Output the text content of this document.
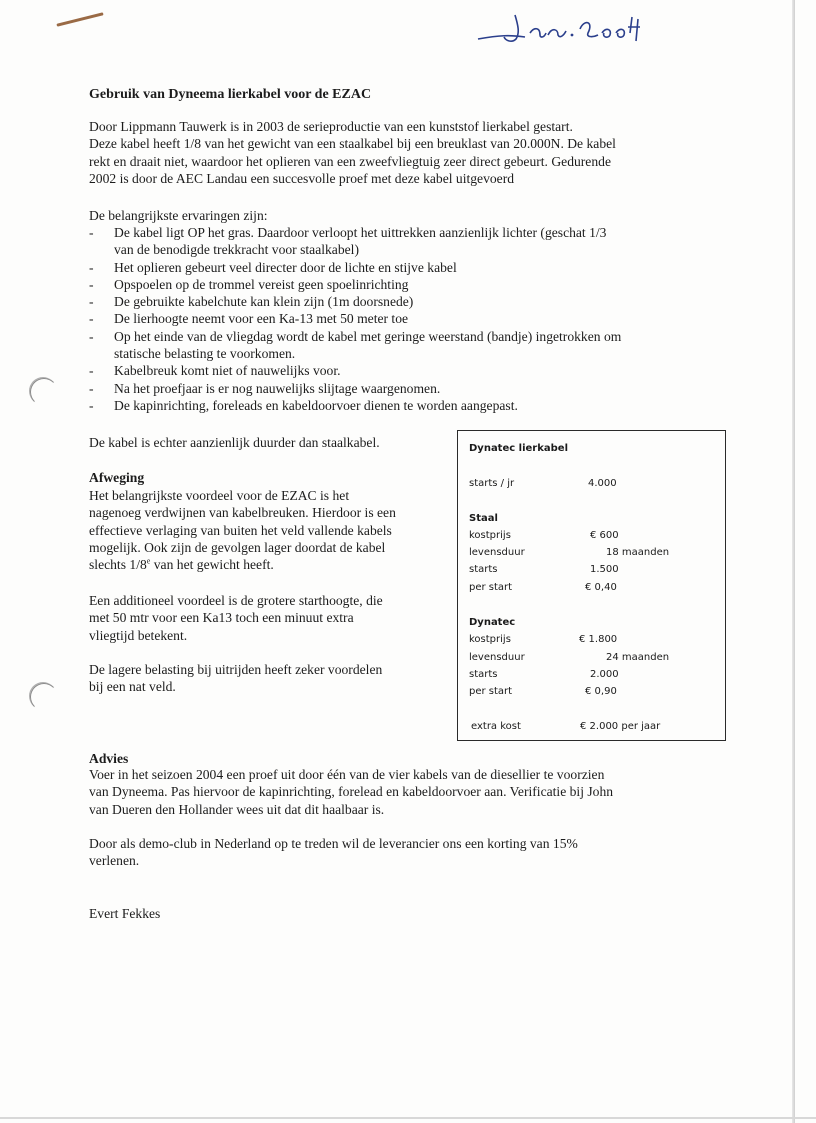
Gebruik van Dyneema lierkabel voor de EZAC
Door Lippmann Tauwerk is in 2003 de serieproductie van een kunststof lierkabel gestart.
Deze kabel heeft 1/8 van het gewicht van een staalkabel bij een breuklast van 20.000N. De kabel
rekt en draait niet, waardoor het oplieren van een zweefvliegtuig zeer direct gebeurt. Gedurende
2002 is door de AEC Landau een succesvolle proef met deze kabel uitgevoerd
De belangrijkste ervaringen zijn:
- De kabel ligt OP het gras. Daardoor verloopt het uittrekken aanzienlijk lichter (geschat 1/3
van de benodigde trekkracht voor staalkabel)
- Het oplieren gebeurt veel directer door de lichte en stijve kabel
- Opspoelen op de trommel vereist geen spoelinrichting
- De gebruikte kabelchute kan klein zijn (1m doorsnede)
- De lierhoogte neemt voor een Ka-13 met 50 meter toe
- Op het einde van de vliegdag wordt de kabel met geringe weerstand (bandje) ingetrokken om
statische belasting te voorkomen.
- Kabelbreuk komt niet of nauwelijks voor.
- Na het proefjaar is er nog nauwelijks slijtage waargenomen.
- De kapinrichting, foreleads en kabeldoorvoer dienen te worden aangepast.
De kabel is echter aanzienlijk duurder dan staalkabel.
Afweging
Het belangrijkste voordeel voor de EZAC is het
nagenoeg verdwijnen van kabelbreuken. Hierdoor is een
effectieve verlaging van buiten het veld vallende kabels
mogelijk. Ook zijn de gevolgen lager doordat de kabel
slechts 1/8e van het gewicht heeft.
Een additioneel voordeel is de grotere starthoogte, die
met 50 mtr voor een Ka13 toch een minuut extra
vliegtijd betekent.
De lagere belasting bij uitrijden heeft zeker voordelen
bij een nat veld.
Dynatec lierkabel
starts / jr	4.000
Staal
kostprijs	€ 600
levensduur	18 maanden
starts	1.500
per start	€ 0,40
Dynatec
kostprijs	€ 1.800
levensduur	24 maanden
starts	2.000
per start	€ 0,90
extra kost	€ 2.000 per jaar
Advies
Voer in het seizoen 2004 een proef uit door één van de vier kabels van de diesellier te voorzien
van Dyneema. Pas hiervoor de kapinrichting, forelead en kabeldoorvoer aan. Verificatie bij John
van Dueren den Hollander wees uit dat dit haalbaar is.
Door als demo-club in Nederland op te treden wil de leverancier ons een korting van 15%
verlenen.
Evert Fekkes
